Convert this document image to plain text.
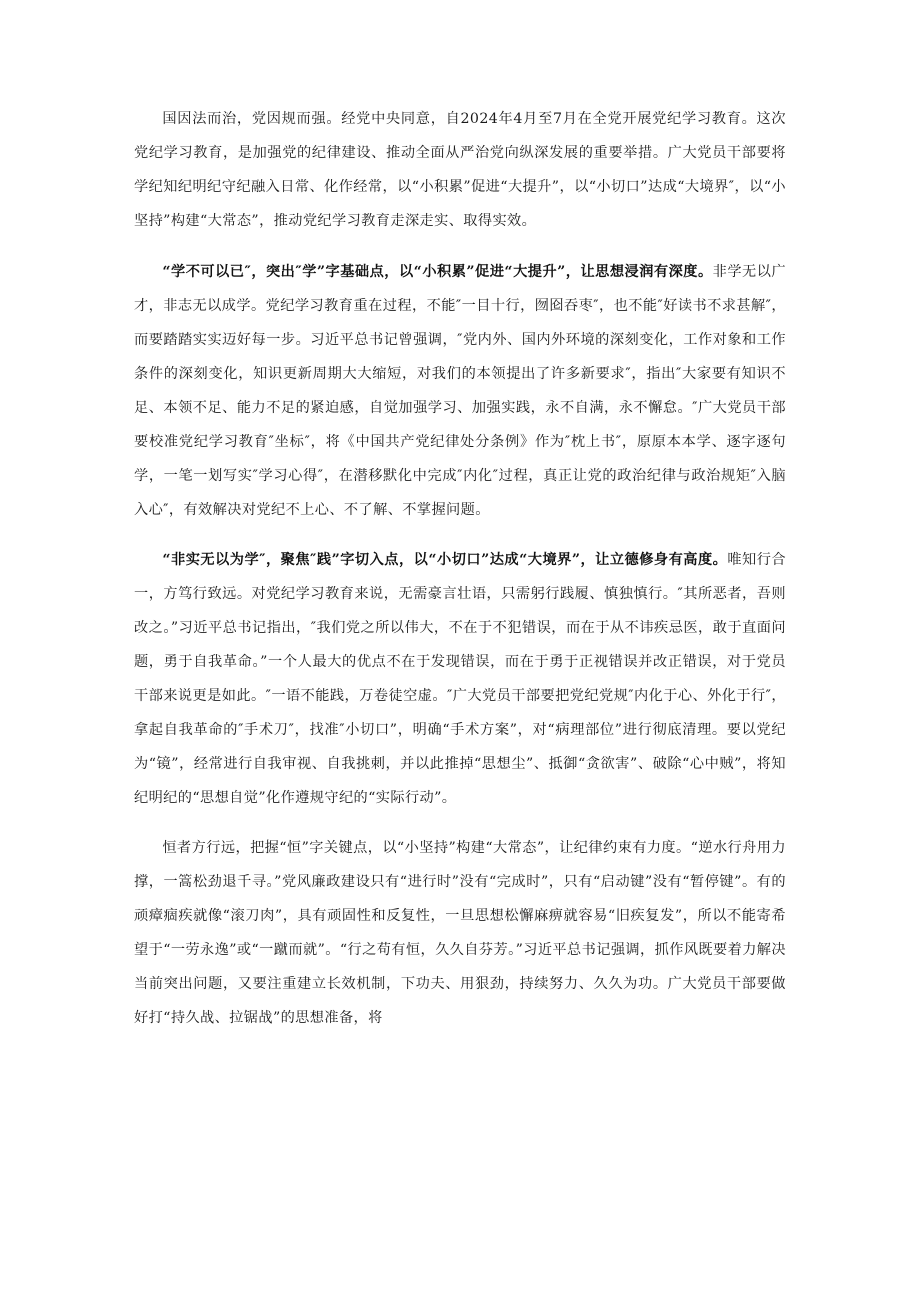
国因法而治，党因规而强。经党中央同意，自2024年4月至7月在全党开展党纪学习教育。这次党纪学习教育，是加强党的纪律建设、推动全面从严治党向纵深发展的重要举措。广大党员干部要将学纪知纪明纪守纪融入日常、化作经常，以“小积累”促进“大提升”，以“小切口”达成“大境界″，以“小坚持”构建“大常态”，推动党纪学习教育走深走实、取得实效。

“学不可以已″，突出″学”字基础点，以“小积累”促进“大提升”，让思想浸润有深度。非学无以广才，非志无以成学。党纪学习教育重在过程，不能″一目十行，囫囵吞枣″，也不能″好读书不求甚解″，而要踏踏实实迈好每一步。习近平总书记曾强调，″党内外、国内外环境的深刻变化，工作对象和工作条件的深刻变化，知识更新周期大大缩短，对我们的本领提出了许多新要求″，指出″大家要有知识不足、本领不足、能力不足的紧迫感，自觉加强学习、加强实践，永不自满，永不懈怠。″广大党员干部要校准党纪学习教育″坐标″，将《中国共产党纪律处分条例》作为″枕上书″，原原本本学、逐字逐句学，一笔一划写实″学习心得″，在潜移默化中完成″内化″过程，真正让党的政治纪律与政治规矩″入脑入心″，有效解决对党纪不上心、不了解、不掌握问题。

“非实无以为学″，聚焦″践”字切入点，以“小切口”达成“大境界”，让立德修身有高度。唯知行合一，方笃行致远。对党纪学习教育来说，无需豪言壮语，只需躬行践履、慎独慎行。″其所恶者，吾则改之。”习近平总书记指出，″我们党之所以伟大，不在于不犯错误，而在于从不讳疾忌医，敢于直面问题，勇于自我革命。”一个人最大的优点不在于发现错误，而在于勇于正视错误并改正错误，对于党员干部来说更是如此。″一语不能践，万卷徒空虚。″广大党员干部要把党纪党规″内化于心、外化于行″，拿起自我革命的″手术刀″，找准″小切口”，明确“手术方案”，对“病理部位”进行彻底清理。要以党纪为“镜”，经常进行自我审视、自我挑刺，并以此推掉“思想尘”、抵御“贪欲害”、破除“心中贼”，将知纪明纪的“思想自觉”化作遵规守纪的“实际行动”。

恒者方行远，把握“恒”字关键点，以“小坚持”构建“大常态”，让纪律约束有力度。“逆水行舟用力撑，一篙松劲退千寻。”党风廉政建设只有“进行时”没有“完成时”，只有“启动键”没有“暂停键”。有的顽瘴痼疾就像“滚刀肉”，具有顽固性和反复性，一旦思想松懈麻痹就容易“旧疾复发”，所以不能寄希望于“一劳永逸”或“一蹴而就”。“行之苟有恒，久久自芬芳。”习近平总书记强调，抓作风既要着力解决当前突出问题，又要注重建立长效机制，下功夫、用狠劲，持续努力、久久为功。广大党员干部要做好打“持久战、拉锯战”的思想准备，将
